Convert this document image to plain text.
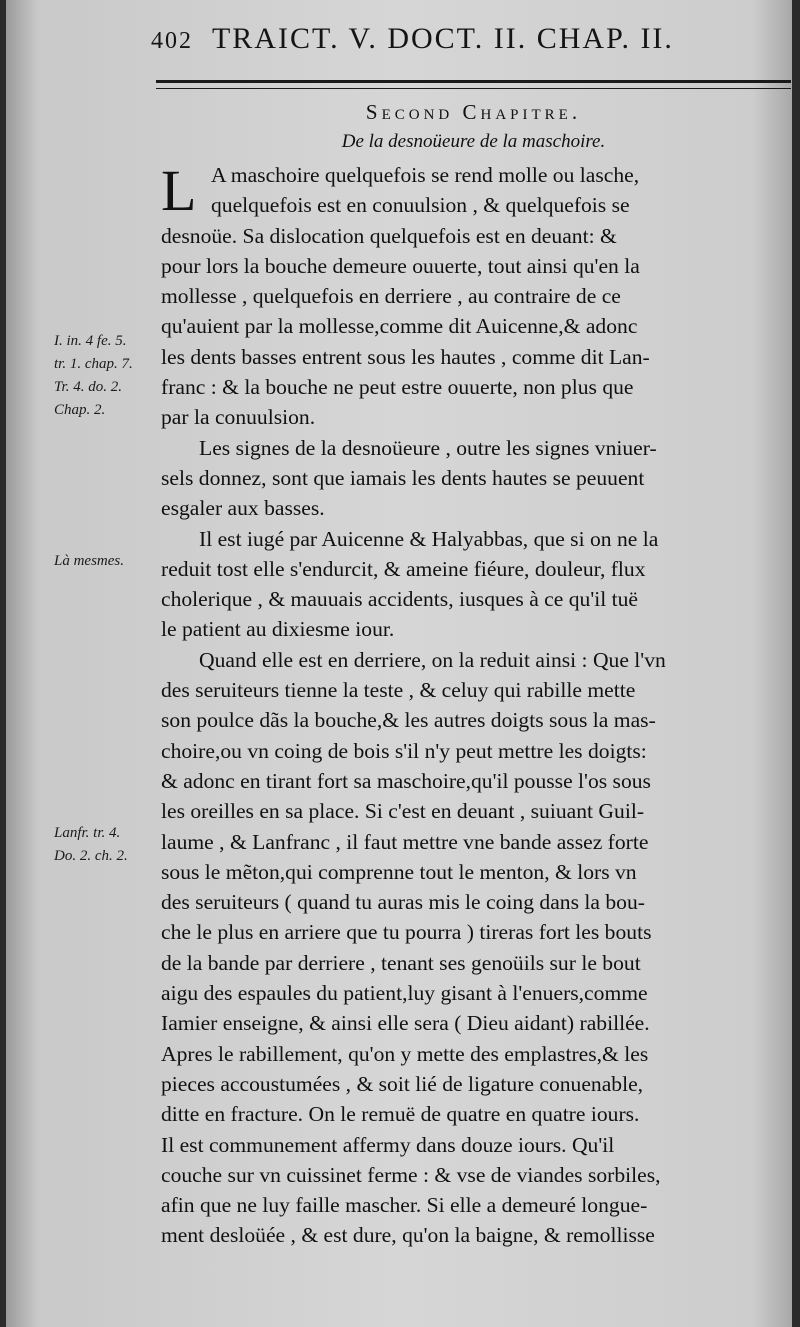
402 TRAICT. V. DOCT. II. CHAP. II.
Second Chapitre.
De la desnoüeure de la maschoire.
L A maschoire quelquefois se rend molle ou lasche,
quelquefois est en conuulsion , & quelquefois se
desnoüe. Sa dislocation quelquefois est en deuant: &
pour lors la bouche demeure ouuerte, tout ainsi qu'en la
mollesse , quelquefois en derriere , au contraire de ce
qu'auient par la mollesse,comme dit Auicenne,& adonc
les dents basses entrent sous les hautes , comme dit Lan-
franc : & la bouche ne peut estre ouuerte, non plus que
par la conuulsion.
Les signes de la desnoüeure , outre les signes vniuer-
sels donnez, sont que iamais les dents hautes se peuuent
esgaler aux basses.
Il est iugé par Auicenne & Halyabbas, que si on ne la
reduit tost elle s'endurcit, & ameine fiéure, douleur, flux
cholerique , & mauuais accidents, iusques à ce qu'il tuë
le patient au dixiesme iour.
Quand elle est en derriere, on la reduit ainsi : Que l'vn
des seruiteurs tienne la teste , & celuy qui rabille mette
son poulce dãs la bouche,& les autres doigts sous la mas-
choire,ou vn coing de bois s'il n'y peut mettre les doigts:
& adonc en tirant fort sa maschoire,qu'il pousse l'os sous
les oreilles en sa place. Si c'est en deuant , suiuant Guil-
laume , & Lanfranc , il faut mettre vne bande assez forte
sous le mẽton,qui comprenne tout le menton, & lors vn
des seruiteurs ( quand tu auras mis le coing dans la bou-
che le plus en arriere que tu pourra ) tireras fort les bouts
de la bande par derriere , tenant ses genoüils sur le bout
aigu des espaules du patient,luy gisant à l'enuers,comme
Iamier enseigne, & ainsi elle sera ( Dieu aidant) rabillée.
Apres le rabillement, qu'on y mette des emplastres,& les
pieces accoustumées , & soit lié de ligature conuenable,
ditte en fracture. On le remuë de quatre en quatre iours.
Il est communement affermy dans douze iours. Qu'il
couche sur vn cuissinet ferme : & vse de viandes sorbiles,
afin que ne luy faille mascher. Si elle a demeuré longue-
ment desloüée , & est dure, qu'on la baigne, & remollisse
I. in. 4 fe. 5.
tr. 1. chap. 7.
Tr. 4. do. 2.
Chap. 2.
Là mesmes.
Lanfr. tr. 4.
Do. 2. ch. 2.
